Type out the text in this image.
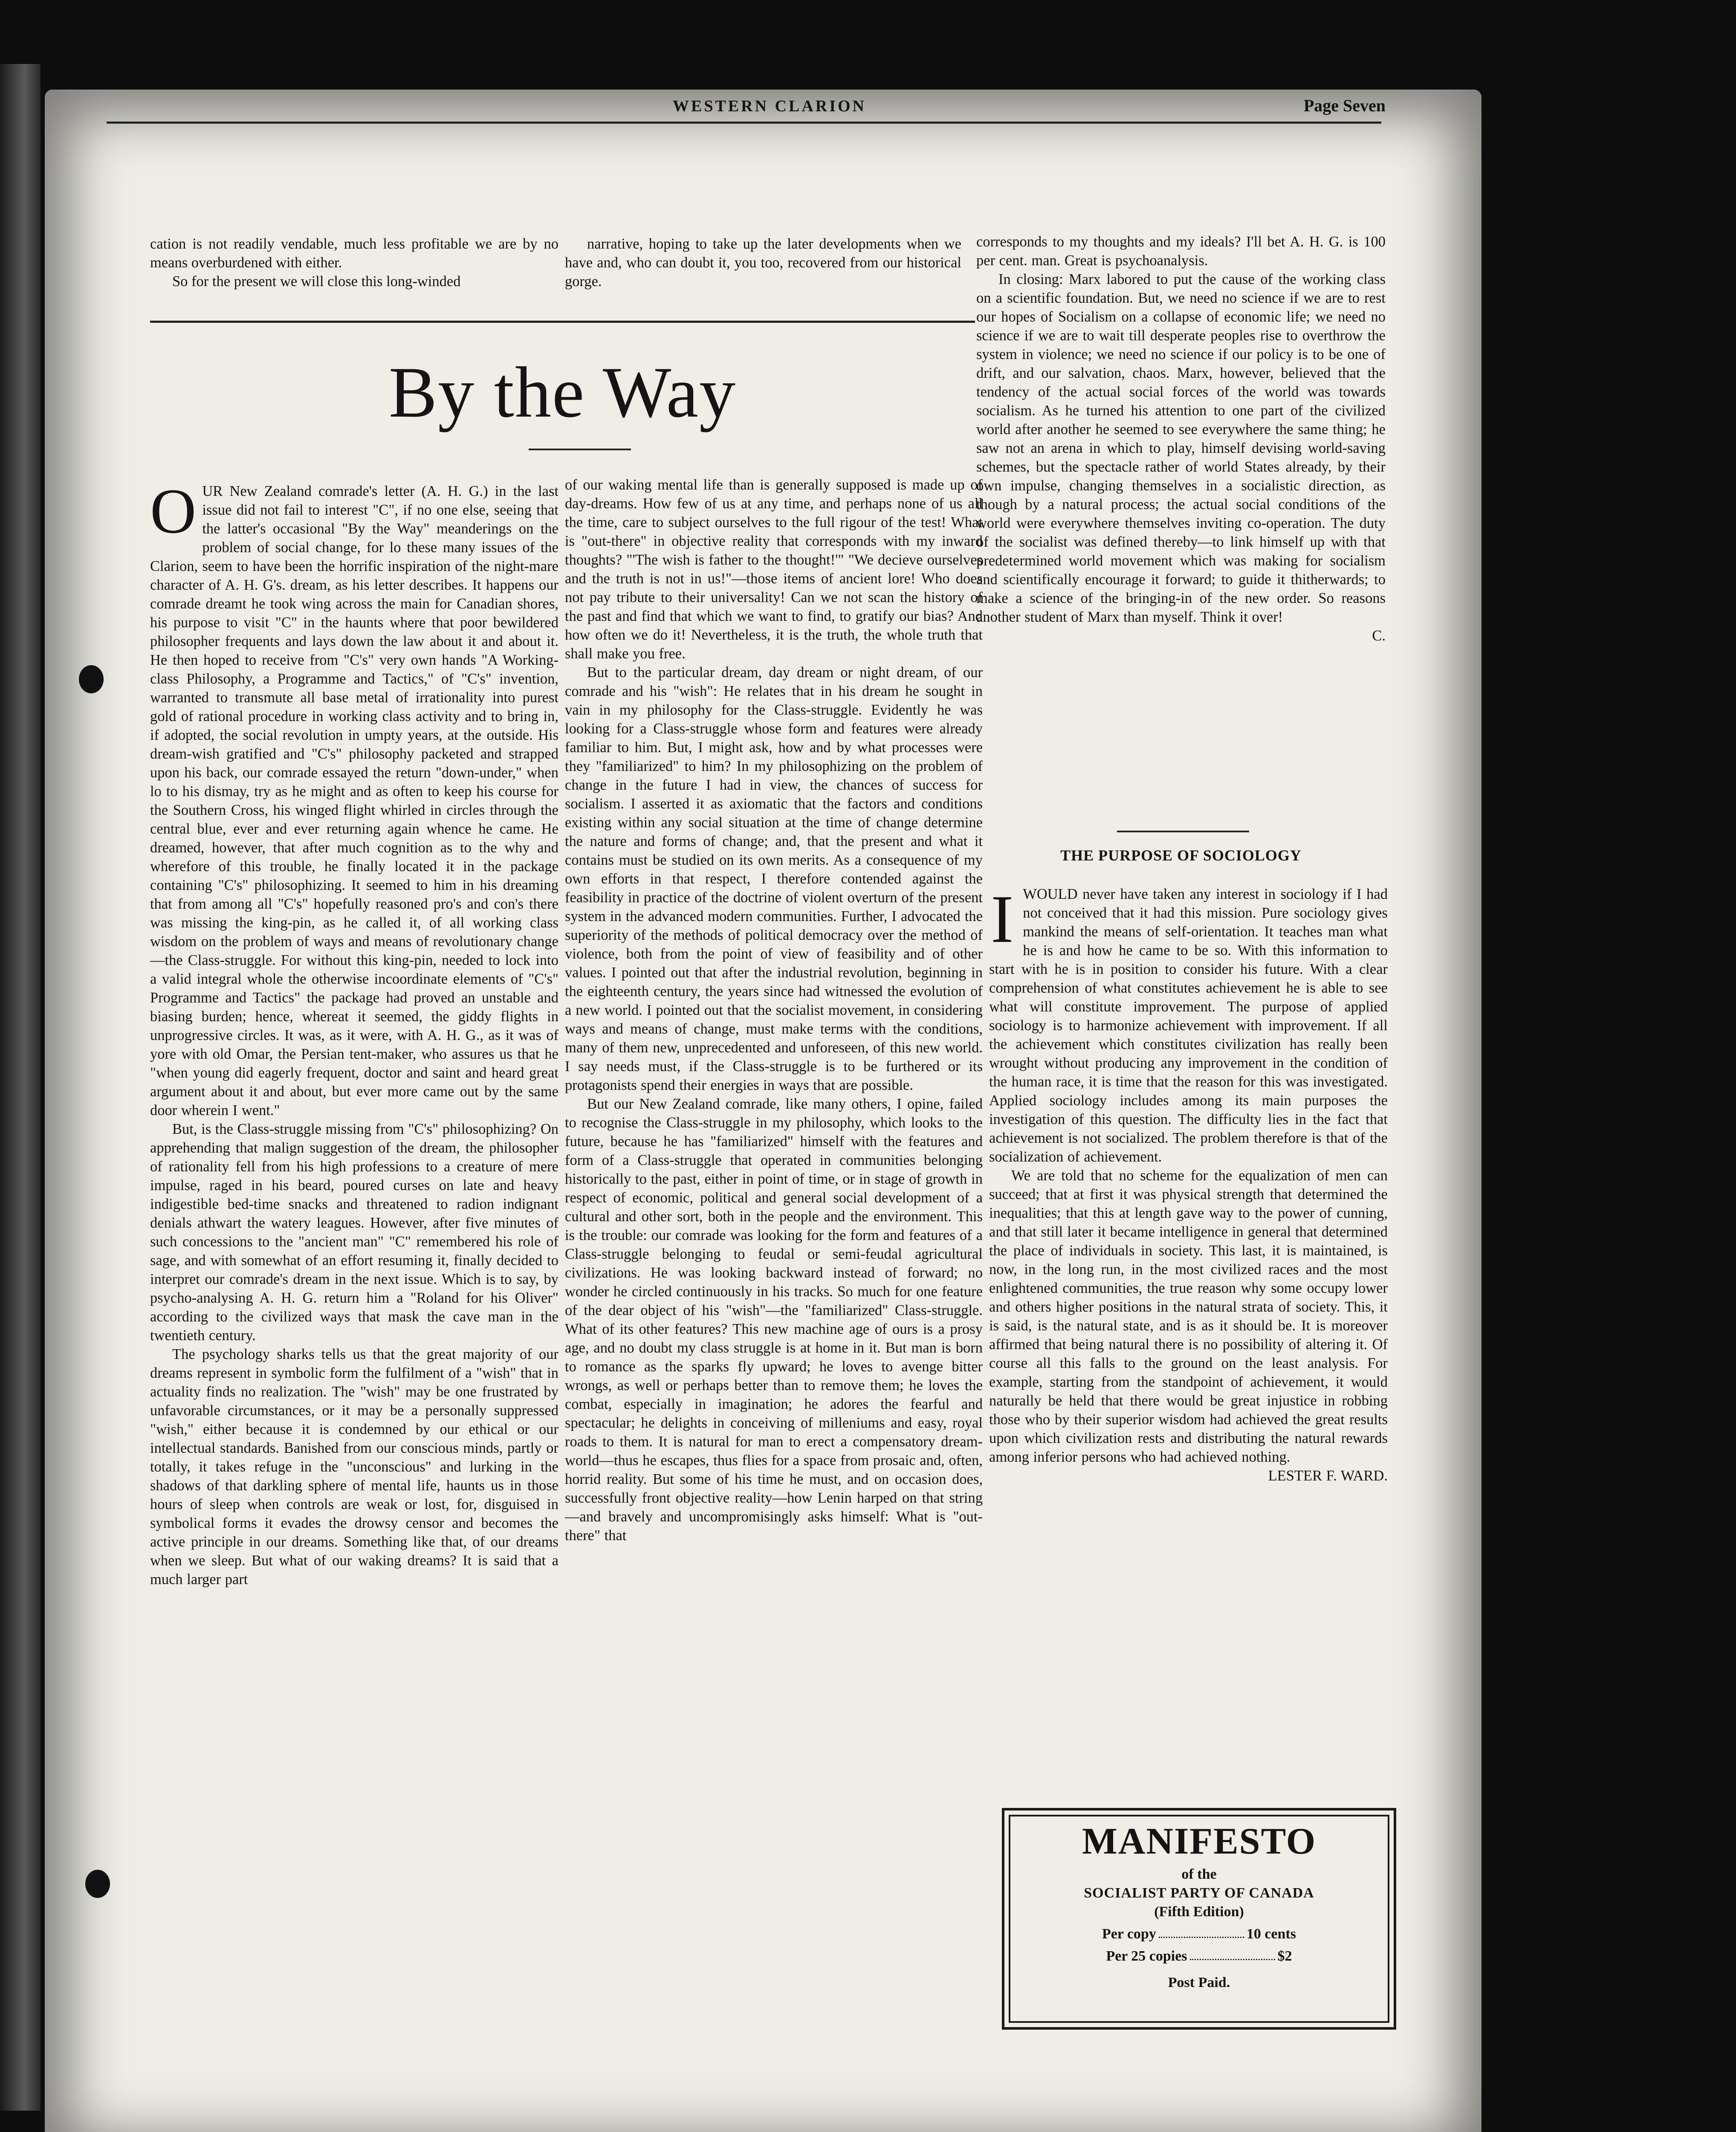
WESTERN CLARION	Page Seven

cation is not readily vendable, much less profitable we are by no means overburdened with either.

So for the present we will close this long-winded

narrative, hoping to take up the later developments when we have and, who can doubt it, you too, recovered from our historical gorge.

By the Way

OUR New Zealand comrade's letter (A. H. G.) in the last issue did not fail to interest "C", if no one else, seeing that the latter's occasional "By the Way" meanderings on the problem of social change, for lo these many issues of the Clarion, seem to have been the horrific inspiration of the night-mare character of A. H. G's. dream, as his letter describes. It happens our comrade dreamt he took wing across the main for Canadian shores, his purpose to visit "C" in the haunts where that poor bewildered philosopher frequents and lays down the law about it and about it. He then hoped to receive from "C's" very own hands "A Working-class Philosophy, a Programme and Tactics," of "C's" invention, warranted to transmute all base metal of irrationality into purest gold of rational procedure in working class activity and to bring in, if adopted, the social revolution in umpty years, at the outside. His dream-wish gratified and "C's" philosophy packeted and strapped upon his back, our comrade essayed the return "down-under," when lo to his dismay, try as he might and as often to keep his course for the Southern Cross, his winged flight whirled in circles through the central blue, ever and ever returning again whence he came. He dreamed, however, that after much cognition as to the why and wherefore of this trouble, he finally located it in the package containing "C's" philosophizing. It seemed to him in his dreaming that from among all "C's" hopefully reasoned pro's and con's there was missing the king-pin, as he called it, of all working class wisdom on the problem of ways and means of revolutionary change—the Class-struggle. For without this king-pin, needed to lock into a valid integral whole the otherwise incoordinate elements of "C's" Programme and Tactics" the package had proved an unstable and biasing burden; hence, whereat it seemed, the giddy flights in unprogressive circles. It was, as it were, with A. H. G., as it was of yore with old Omar, the Persian tent-maker, who assures us that he "when young did eagerly frequent, doctor and saint and heard great argument about it and about, but ever more came out by the same door wherein I went."

But, is the Class-struggle missing from "C's" philosophizing? On apprehending that malign suggestion of the dream, the philosopher of rationality fell from his high professions to a creature of mere impulse, raged in his beard, poured curses on late and heavy indigestible bed-time snacks and threatened to radion indignant denials athwart the watery leagues. However, after five minutes of such concessions to the "ancient man" "C" remembered his role of sage, and with somewhat of an effort resuming it, finally decided to interpret our comrade's dream in the next issue. Which is to say, by psycho-analysing A. H. G. return him a "Roland for his Oliver" according to the civilized ways that mask the cave man in the twentieth century.

The psychology sharks tells us that the great majority of our dreams represent in symbolic form the fulfilment of a "wish" that in actuality finds no realization. The "wish" may be one frustrated by unfavorable circumstances, or it may be a personally suppressed "wish," either because it is condemned by our ethical or our intellectual standards. Banished from our conscious minds, partly or totally, it takes refuge in the "unconscious" and lurking in the shadows of that darkling sphere of mental life, haunts us in those hours of sleep when controls are weak or lost, for, disguised in symbolical forms it evades the drowsy censor and becomes the active principle in our dreams. Something like that, of our dreams when we sleep. But what of our waking dreams? It is said that a much larger part

of our waking mental life than is generally supposed is made up of day-dreams. How few of us at any time, and perhaps none of us all the time, care to subject ourselves to the full rigour of the test! What is "out-there" in objective reality that corresponds with my inward thoughts? "'The wish is father to the thought!'" "We decieve ourselves and the truth is not in us!"—those items of ancient lore! Who does not pay tribute to their universality! Can we not scan the history of the past and find that which we want to find, to gratify our bias? And how often we do it! Nevertheless, it is the truth, the whole truth that shall make you free.

But to the particular dream, day dream or night dream, of our comrade and his "wish": He relates that in his dream he sought in vain in my philosophy for the Class-struggle. Evidently he was looking for a Class-struggle whose form and features were already familiar to him. But, I might ask, how and by what processes were they "familiarized" to him? In my philosophizing on the problem of change in the future I had in view, the chances of success for socialism. I asserted it as axiomatic that the factors and conditions existing within any social situation at the time of change determine the nature and forms of change; and, that the present and what it contains must be studied on its own merits. As a consequence of my own efforts in that respect, I therefore contended against the feasibility in practice of the doctrine of violent overturn of the present system in the advanced modern communities. Further, I advocated the superiority of the methods of political democracy over the method of violence, both from the point of view of feasibility and of other values. I pointed out that after the industrial revolution, beginning in the eighteenth century, the years since had witnessed the evolution of a new world. I pointed out that the socialist movement, in considering ways and means of change, must make terms with the conditions, many of them new, unprecedented and unforeseen, of this new world. I say needs must, if the Class-struggle is to be furthered or its protagonists spend their energies in ways that are possible.

But our New Zealand comrade, like many others, I opine, failed to recognise the Class-struggle in my philosophy, which looks to the future, because he has "familiarized" himself with the features and form of a Class-struggle that operated in communities belonging historically to the past, either in point of time, or in stage of growth in respect of economic, political and general social development of a cultural and other sort, both in the people and the environment. This is the trouble: our comrade was looking for the form and features of a Class-struggle belonging to feudal or semi-feudal agricultural civilizations. He was looking backward instead of forward; no wonder he circled continuously in his tracks. So much for one feature of the dear object of his "wish"—the "familiarized" Class-struggle. What of its other features? This new machine age of ours is a prosy age, and no doubt my class struggle is at home in it. But man is born to romance as the sparks fly upward; he loves to avenge bitter wrongs, as well or perhaps better than to remove them; he loves the combat, especially in imagination; he adores the fearful and spectacular; he delights in conceiving of milleniums and easy, royal roads to them. It is natural for man to erect a compensatory dream-world—thus he escapes, thus flies for a space from prosaic and, often, horrid reality. But some of his time he must, and on occasion does, successfully front objective reality—how Lenin harped on that string—and bravely and uncompromisingly asks himself: What is "out-there" that

corresponds to my thoughts and my ideals? I'll bet A. H. G. is 100 per cent. man. Great is psychoanalysis.

In closing: Marx labored to put the cause of the working class on a scientific foundation. But, we need no science if we are to rest our hopes of Socialism on a collapse of economic life; we need no science if we are to wait till desperate peoples rise to overthrow the system in violence; we need no science if our policy is to be one of drift, and our salvation, chaos. Marx, however, believed that the tendency of the actual social forces of the world was towards socialism. As he turned his attention to one part of the civilized world after another he seemed to see everywhere the same thing; he saw not an arena in which to play, himself devising world-saving schemes, but the spectacle rather of world States already, by their own impulse, changing themselves in a socialistic direction, as though by a natural process; the actual social conditions of the world were everywhere themselves inviting co-operation. The duty of the socialist was defined thereby—to link himself up with that predetermined world movement which was making for socialism and scientifically encourage it forward; to guide it thitherwards; to make a science of the bringing-in of the new order. So reasons another student of Marx than myself. Think it over!

C.

THE PURPOSE OF SOCIOLOGY

IWOULD never have taken any interest in sociology if I had not conceived that it had this mission. Pure sociology gives mankind the means of self-orientation. It teaches man what he is and how he came to be so. With this information to start with he is in position to consider his future. With a clear comprehension of what constitutes achievement he is able to see what will constitute improvement. The purpose of applied sociology is to harmonize achievement with improvement. If all the achievement which constitutes civilization has really been wrought without producing any improvement in the condition of the human race, it is time that the reason for this was investigated. Applied sociology includes among its main purposes the investigation of this question. The difficulty lies in the fact that achievement is not socialized. The problem therefore is that of the socialization of achievement.

We are told that no scheme for the equalization of men can succeed; that at first it was physical strength that determined the inequalities; that this at length gave way to the power of cunning, and that still later it became intelligence in general that determined the place of individuals in society. This last, it is maintained, is now, in the long run, in the most civilized races and the most enlightened communities, the true reason why some occupy lower and others higher positions in the natural strata of society. This, it is said, is the natural state, and is as it should be. It is moreover affirmed that being natural there is no possibility of altering it. Of course all this falls to the ground on the least analysis. For example, starting from the standpoint of achievement, it would naturally be held that there would be great injustice in robbing those who by their superior wisdom had achieved the great results upon which civilization rests and distributing the natural rewards among inferior persons who had achieved nothing.

LESTER F. WARD.

MANIFESTO
of the
SOCIALIST PARTY OF CANADA
(Fifth Edition)
Per copy	10 cents
Per 25 copies	$2
Post Paid.
